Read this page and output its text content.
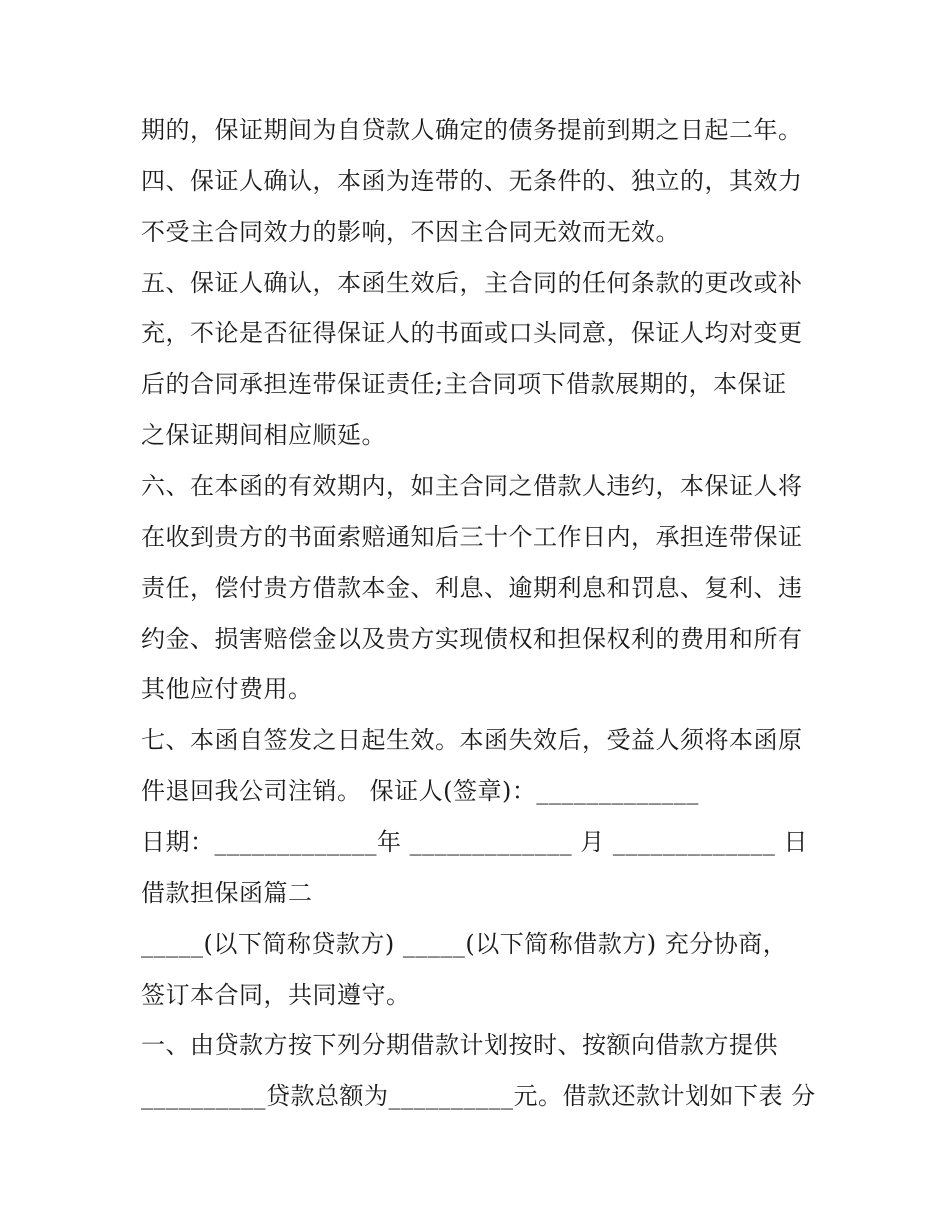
期的，保证期间为自贷款人确定的债务提前到期之日起二年。
四、保证人确认，本函为连带的、无条件的、独立的，其效力
不受主合同效力的影响，不因主合同无效而无效。
五、保证人确认，本函生效后，主合同的任何条款的更改或补
充，不论是否征得保证人的书面或口头同意，保证人均对变更
后的合同承担连带保证责任;主合同项下借款展期的，本保证
之保证期间相应顺延。
六、在本函的有效期内，如主合同之借款人违约，本保证人将
在收到贵方的书面索赔通知后三十个工作日内，承担连带保证
责任，偿付贵方借款本金、利息、逾期利息和罚息、复利、违
约金、损害赔偿金以及贵方实现债权和担保权利的费用和所有
其他应付费用。
七、本函自签发之日起生效。本函失效后，受益人须将本函原
件退回我公司注销。 保证人(签章)：_____________
日期：_____________年 _____________ 月 _____________ 日
借款担保函篇二
_____(以下简称贷款方) _____(以下简称借款方) 充分协商，
签订本合同，共同遵守。
一、由贷款方按下列分期借款计划按时、按额向借款方提供
__________贷款总额为__________元。借款还款计划如下表 分
